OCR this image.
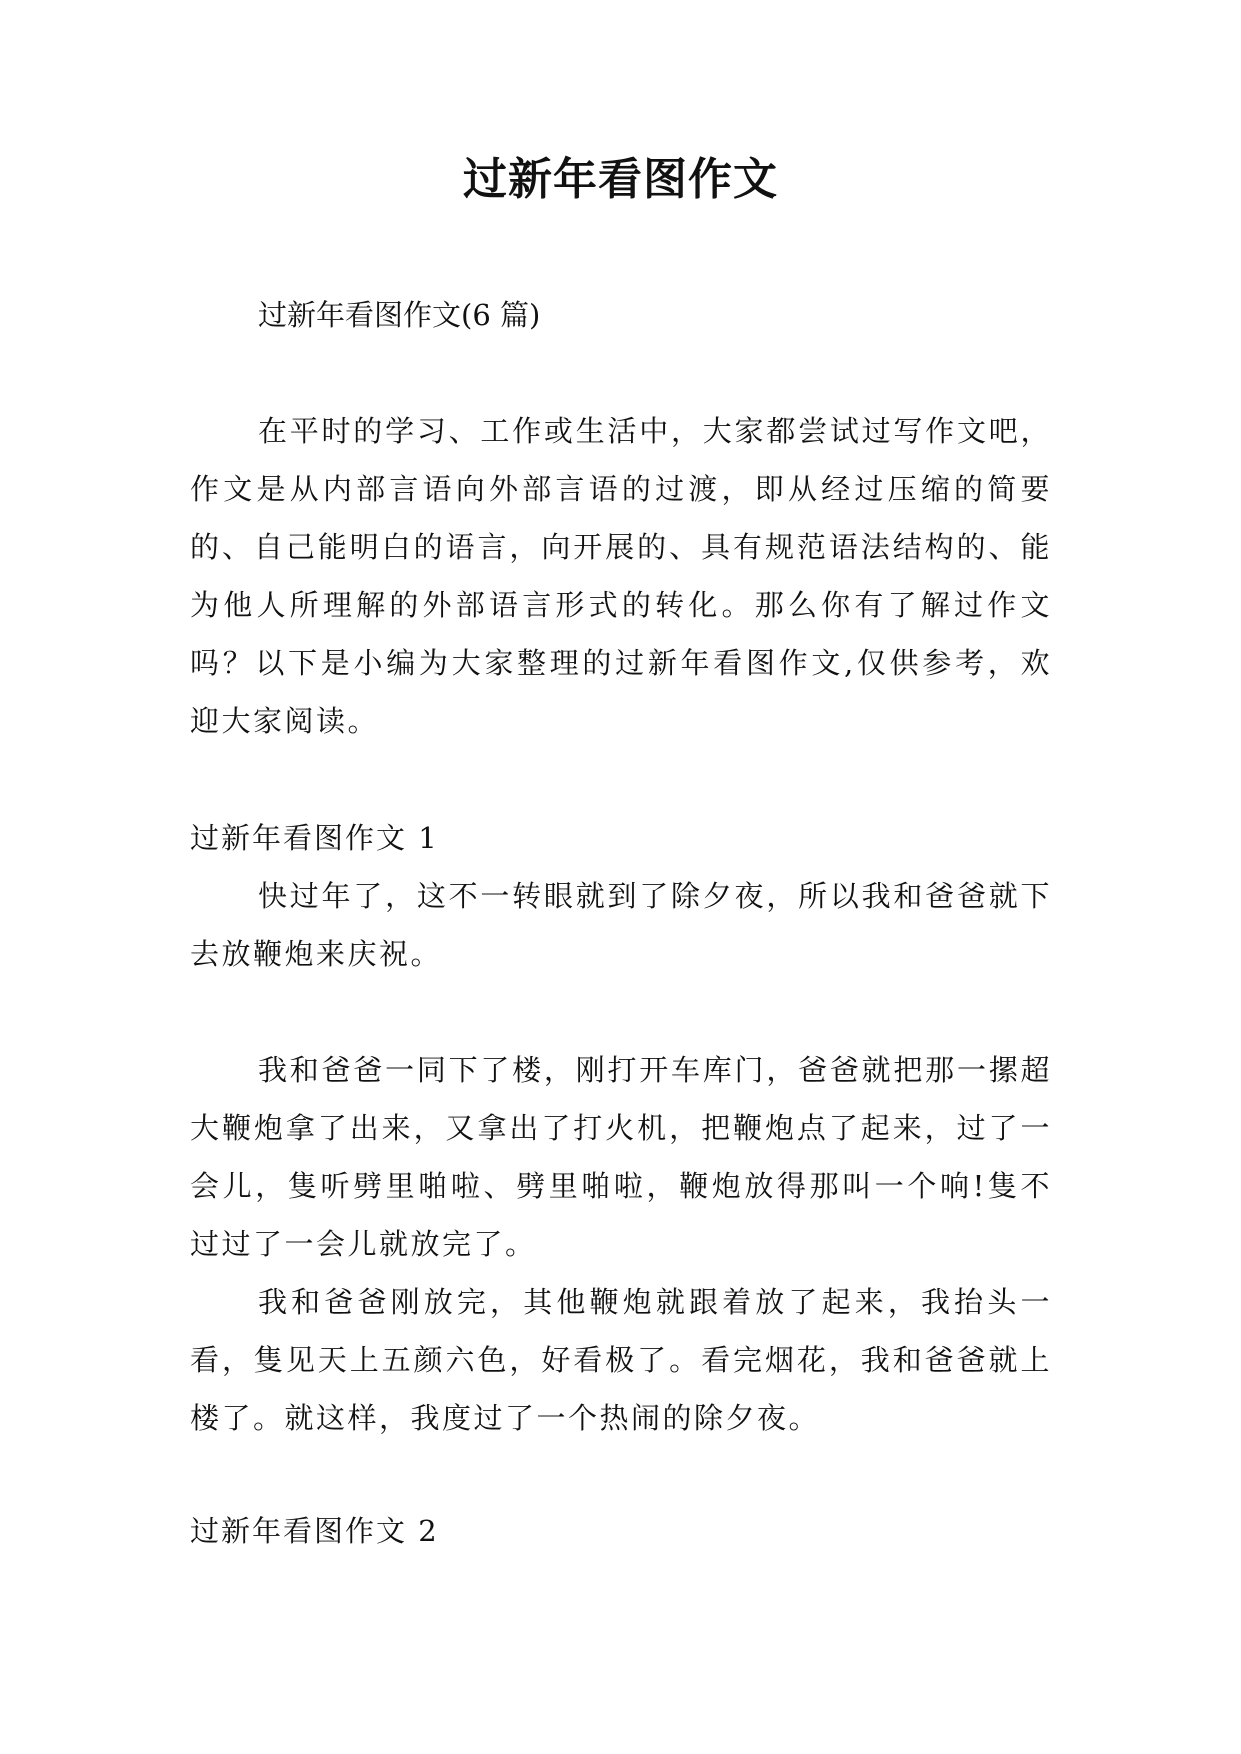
过新年看图作文
过新年看图作文(6 篇)

在平时的学习、工作或生活中，大家都尝试过写作文吧，作文是从内部言语向外部言语的过渡，即从经过压缩的简要的、自己能明白的语言，向开展的、具有规范语法结构的、能为他人所理解的外部语言形式的转化。那么你有了解过作文吗？以下是小编为大家整理的过新年看图作文,仅供参考，欢迎大家阅读。

过新年看图作文 1

快过年了，这不一转眼就到了除夕夜，所以我和爸爸就下去放鞭炮来庆祝。

我和爸爸一同下了楼，刚打开车库门，爸爸就把那一摞超大鞭炮拿了出来，又拿出了打火机，把鞭炮点了起来，过了一会儿，隻听劈里啪啦、劈里啪啦，鞭炮放得那叫一个响!隻不过过了一会儿就放完了。

我和爸爸刚放完，其他鞭炮就跟着放了起来，我抬头一看，隻见天上五颜六色，好看极了。看完烟花，我和爸爸就上楼了。就这样，我度过了一个热闹的除夕夜。

过新年看图作文 2
